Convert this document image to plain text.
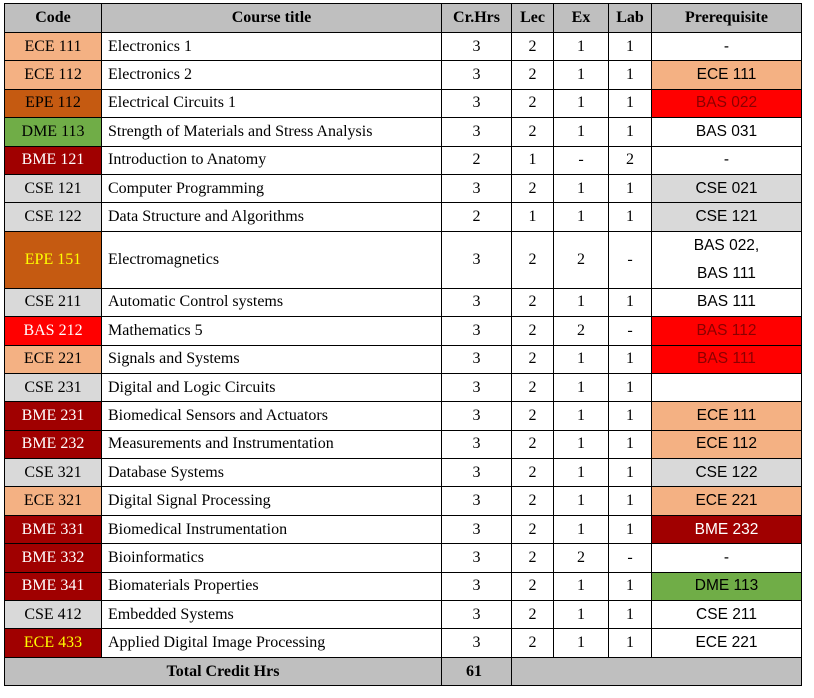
Code	Course title	Cr.Hrs	Lec	Ex	Lab	Prerequisite
ECE 111	Electronics 1	3	2	1	1	-

ECE 112	Electronics 2	3	2	1	1	ECE 111

EPE 112	Electrical Circuits 1	3	2	1	1	BAS 022

DME 113	Strength of Materials and Stress Analysis	3	2	1	1	BAS 031

BME 121	Introduction to Anatomy	2	1	-	2	-

CSE 121	Computer Programming	3	2	1	1	CSE 021

CSE 122	Data Structure and Algorithms	2	1	1	1	CSE 121

EPE 151	Electromagnetics	3	2	2	-	BAS 022,
BAS 111

CSE 211	Automatic Control systems	3	2	1	1	BAS 111

BAS 212	Mathematics 5	3	2	2	-	BAS 112

ECE 221	Signals and Systems	3	2	1	1	BAS 111

CSE 231	Digital and Logic Circuits	3	2	1	1	

BME 231	Biomedical Sensors and Actuators	3	2	1	1	ECE 111

BME 232	Measurements and Instrumentation	3	2	1	1	ECE 112

CSE 321	Database Systems	3	2	1	1	CSE 122

ECE 321	Digital Signal Processing	3	2	1	1	ECE 221

BME 331	Biomedical Instrumentation	3	2	1	1	BME 232

BME 332	Bioinformatics	3	2	2	-	-

BME 341	Biomaterials Properties	3	2	1	1	DME 113

CSE 412	Embedded Systems	3	2	1	1	CSE 211

ECE 433	Applied Digital Image Processing	3	2	1	1	ECE 221

Total Credit Hrs		61				
